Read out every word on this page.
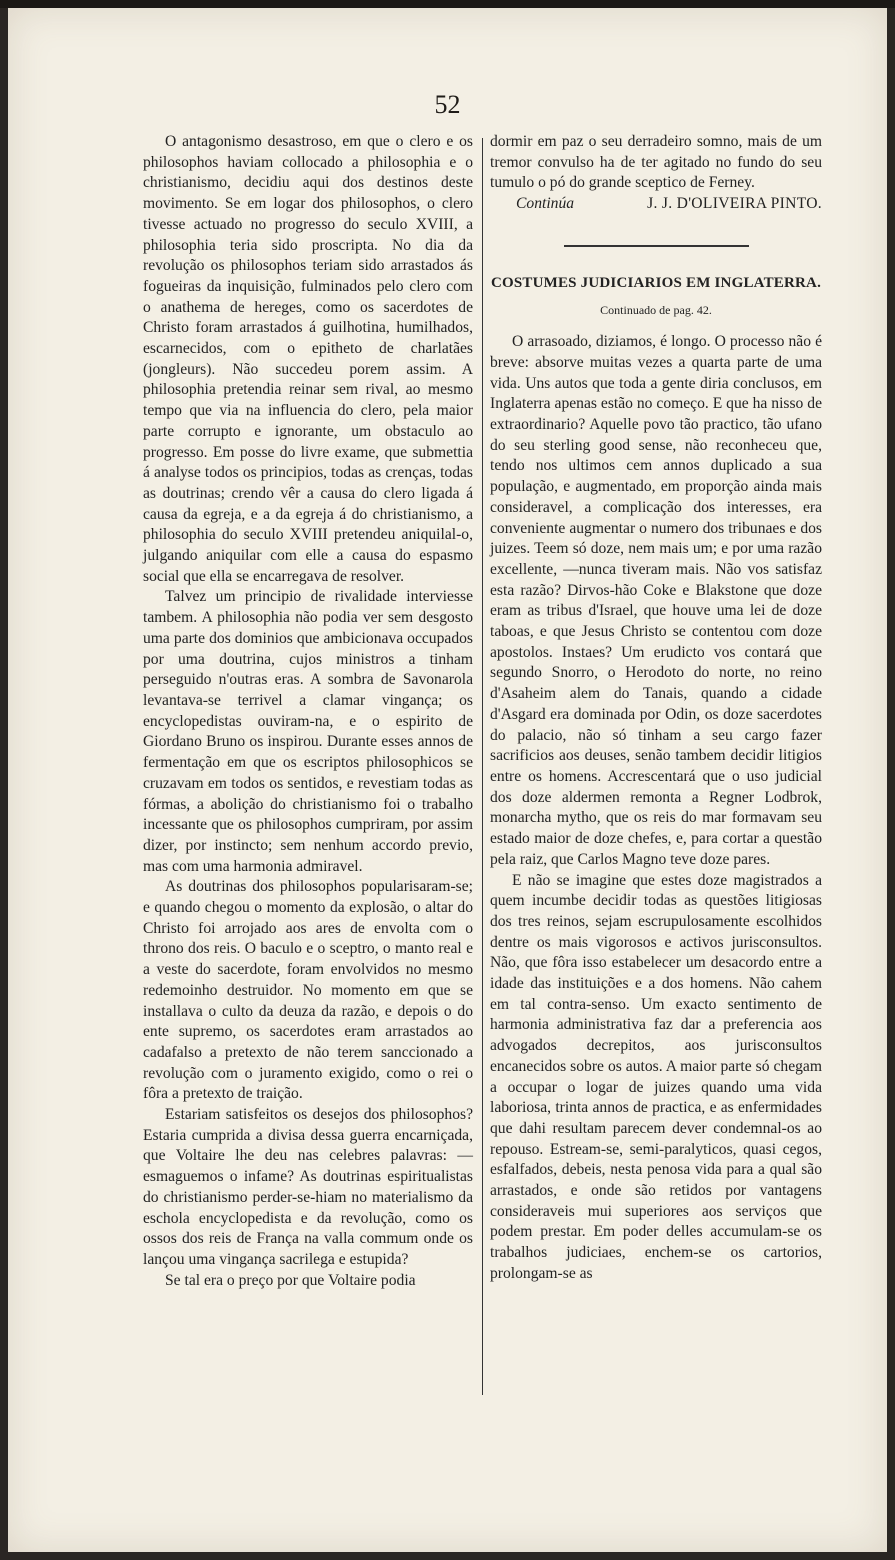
52

O antagonismo desastroso, em que o clero e os philosophos haviam collocado a philosophia e o christianismo, decidiu aqui dos destinos deste movimento. Se em logar dos philosophos, o clero tivesse actuado no progresso do seculo XVIII, a philosophia teria sido proscripta. No dia da revolução os philosophos teriam sido arrastados ás fogueiras da inquisição, fulminados pelo clero com o anathema de hereges, como os sacerdotes de Christo foram arrastados á guilhotina, humilhados, escarnecidos, com o epitheto de charlatães (jongleurs). Não succedeu porem assim. A philosophia pretendia reinar sem rival, ao mesmo tempo que via na influencia do clero, pela maior parte corrupto e ignorante, um obstaculo ao progresso. Em posse do livre exame, que submettia á analyse todos os principios, todas as crenças, todas as doutrinas; crendo vêr a causa do clero ligada á causa da egreja, e a da egreja á do christianismo, a philosophia do seculo XVIII pretendeu aniquilal-o, julgando aniquilar com elle a causa do espasmo social que ella se encarregava de resolver.

Talvez um principio de rivalidade interviesse tambem. A philosophia não podia ver sem desgosto uma parte dos dominios que ambicionava occupados por uma doutrina, cujos ministros a tinham perseguido n'outras eras. A sombra de Savonarola levantava-se terrivel a clamar vingança; os encyclopedistas ouviram-na, e o espirito de Giordano Bruno os inspirou. Durante esses annos de fermentação em que os escriptos philosophicos se cruzavam em todos os sentidos, e revestiam todas as fórmas, a abolição do christianismo foi o trabalho incessante que os philosophos cumpriram, por assim dizer, por instincto; sem nenhum accordo previo, mas com uma harmonia admiravel.

As doutrinas dos philosophos popularisaram-se; e quando chegou o momento da explosão, o altar do Christo foi arrojado aos ares de envolta com o throno dos reis. O baculo e o sceptro, o manto real e a veste do sacerdote, foram envolvidos no mesmo redemoinho destruidor. No momento em que se installava o culto da deuza da razão, e depois o do ente supremo, os sacerdotes eram arrastados ao cadafalso a pretexto de não terem sanccionado a revolução com o juramento exigido, como o rei o fôra a pretexto de traição.

Estariam satisfeitos os desejos dos philosophos? Estaria cumprida a divisa dessa guerra encarniçada, que Voltaire lhe deu nas celebres palavras: — esmaguemos o infame? As doutrinas espiritualistas do christianismo perder-se-hiam no materialismo da eschola encyclopedista e da revolução, como os ossos dos reis de França na valla commum onde os lançou uma vingança sacrilega e estupida?

Se tal era o preço por que Voltaire podia

dormir em paz o seu derradeiro somno, mais de um tremor convulso ha de ter agitado no fundo do seu tumulo o pó do grande sceptico de Ferney.

Continúa	J. J. D'OLIVEIRA PINTO.
COSTUMES JUDICIARIOS EM INGLATERRA.
Continuado de pag. 42.

O arrasoado, diziamos, é longo. O processo não é breve: absorve muitas vezes a quarta parte de uma vida. Uns autos que toda a gente diria conclusos, em Inglaterra apenas estão no começo. E que ha nisso de extraordinario? Aquelle povo tão practico, tão ufano do seu sterling good sense, não reconheceu que, tendo nos ultimos cem annos duplicado a sua população, e augmentado, em proporção ainda mais consideravel, a complicação dos interesses, era conveniente augmentar o numero dos tribunaes e dos juizes. Teem só doze, nem mais um; e por uma razão excellente, —nunca tiveram mais. Não vos satisfaz esta razão? Dirvos-hão Coke e Blakstone que doze eram as tribus d'Israel, que houve uma lei de doze taboas, e que Jesus Christo se contentou com doze apostolos. Instaes? Um erudicto vos contará que segundo Snorro, o Herodoto do norte, no reino d'Asaheim alem do Tanais, quando a cidade d'Asgard era dominada por Odin, os doze sacerdotes do palacio, não só tinham a seu cargo fazer sacrificios aos deuses, senão tambem decidir litigios entre os homens. Accrescentará que o uso judicial dos doze aldermen remonta a Regner Lodbrok, monarcha mytho, que os reis do mar formavam seu estado maior de doze chefes, e, para cortar a questão pela raiz, que Carlos Magno teve doze pares.

E não se imagine que estes doze magistrados a quem incumbe decidir todas as questões litigiosas dos tres reinos, sejam escrupulosamente escolhidos dentre os mais vigorosos e activos jurisconsultos. Não, que fôra isso estabelecer um desacordo entre a idade das instituições e a dos homens. Não cahem em tal contra-senso. Um exacto sentimento de harmonia administrativa faz dar a preferencia aos advogados decrepitos, aos jurisconsultos encanecidos sobre os autos. A maior parte só chegam a occupar o logar de juizes quando uma vida laboriosa, trinta annos de practica, e as enfermidades que dahi resultam parecem dever condemnal-os ao repouso. Estream-se, semi-paralyticos, quasi cegos, esfalfados, debeis, nesta penosa vida para a qual são arrastados, e onde são retidos por vantagens consideraveis mui superiores aos serviços que podem prestar. Em poder delles accumulam-se os trabalhos judiciaes, enchem-se os cartorios, prolongam-se as
